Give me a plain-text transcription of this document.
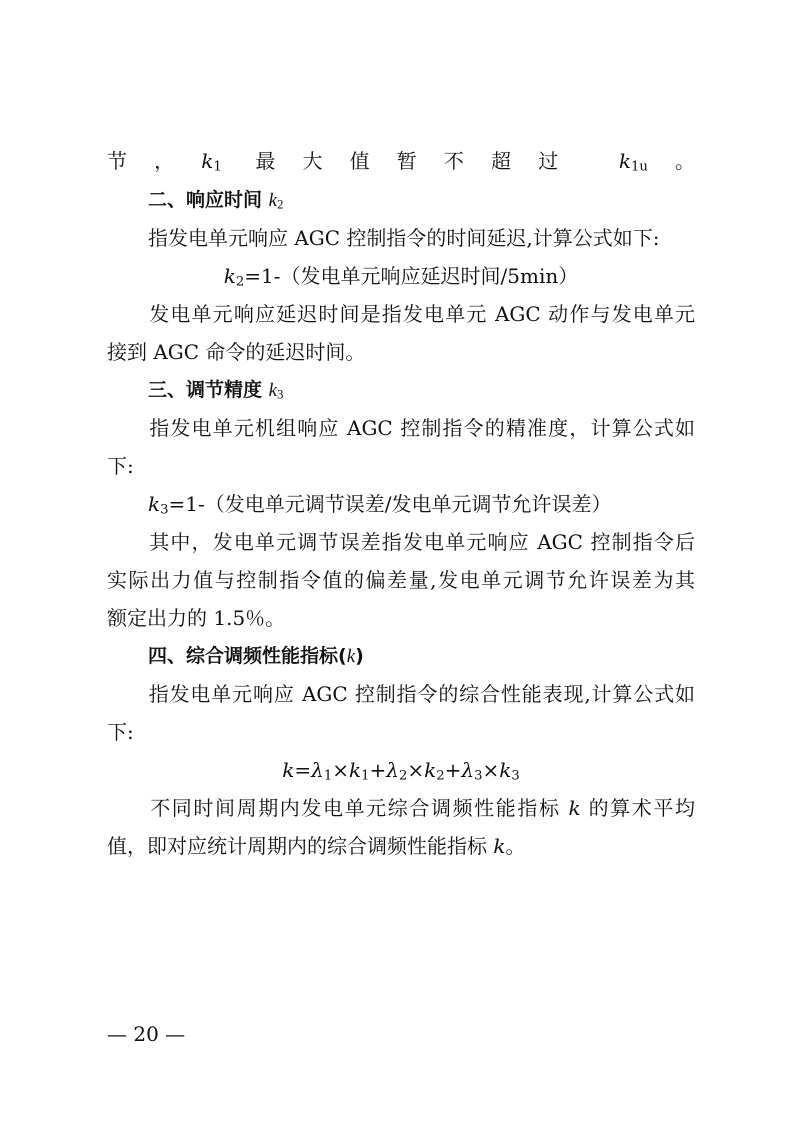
节，$k_1$ 最大值暂不超过 $k_{1u}$。
二、响应时间 $k_2$
指发电单元响应 AGC 控制指令的时间延迟,计算公式如下:
$k_2=1-$（发电单元响应延迟时间/5min）
　　发电单元响应延迟时间是指发电单元 AGC 动作与发电单元
接到 AGC 命令的延迟时间。
三、调节精度 $k_3$
　　指发电单元机组响应 AGC 控制指令的精准度，计算公式如
下:
$k_3=1-$（发电单元调节误差/发电单元调节允许误差）
　　其中，发电单元调节误差指发电单元响应 AGC 控制指令后
实际出力值与控制指令值的偏差量,发电单元调节允许误差为其
额定出力的 1.5％。
四、综合调频性能指标(k)
　　指发电单元响应 AGC 控制指令的综合性能表现,计算公式如
下:
$k=\lambda_1\times k_1+\lambda_2\times k_2+\lambda_3\times k_3$
　　不同时间周期内发电单元综合调频性能指标 k 的算术平均
值，即对应统计周期内的综合调频性能指标 k。
— 20 —
